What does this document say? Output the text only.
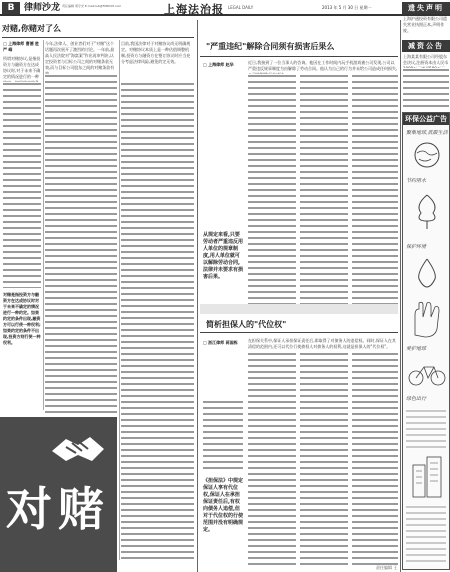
B	律师沙龙 责任编辑 周宇光 E-mail:lsb@FMDCM.com	上海法治报 LEGAL DAILY	2013 年 5 月 30 日 星期一
对赌,你赌对了么
□ 上海律师 曹德 胜 严 峰
所谓对赌协议,是指投资方与融资方在达成协议时,对于未来不确定的情况进行的一种
今年,法律人、创业者们对于"对赌"这个话题再次展开了激烈的讨论。一年前,最高人民法院对"海富案"作出再审判决,认定投资者与目标公司之间的对赌条款无效,而与目标公司股东之间的对赌条款有
目前,我国法律对于对赌协议尚无明确规定。对赌协议本质上是一种估值调整机制,投资方与融资方在签订协议时应当充分考虑法律风险,避免约定无效。
对赌是指投资方与融资方在达成协议时对于未来不确定的情况进行一种约定。如果约定的条件出现,融资方可以行使一种权利;如果约定的条件不出现,投资方则行使一种权利。
对赌
"严重违纪"解除合同须有损害后果么
□ 上海律师 赵华
从规定来看,只要劳动者严重违反用人单位的规章制度,用人单位就可以解除劳动合同,法律并未要求有损害后果。
近日,我接到了一位当事人的咨询。他因在工作时间内玩手机游戏被公司发现,公司以严重违反规章制度为由解除了劳动合同。他认为自己的行为并未给公司造成任何损失,
简析担保人的"代位权"
□ 浙江律师 蒋国栋	在担保关系中,保证人承担保证责任后,即取得了对债务人的追偿权。同时,保证人在其清偿的范围内,还可以代位行使债权人对债务人的权利,这就是担保人的"代位权"。
《担保法》中规定保证人享有代位权,保证人在承担保证责任后,有权向债务人追偿,但对于代位权的行使范围并没有明确规定。
遗失声明
上海沪通投资有限公司遗失营业执照正本,声明作废。
减资公告
上海某某有限公司经股东会决议,注册资本由人民币
环保公益广告
聚集地球,低碳生活
节约用水
保护环境
爱护地球
绿色出行
责任编辑 王
